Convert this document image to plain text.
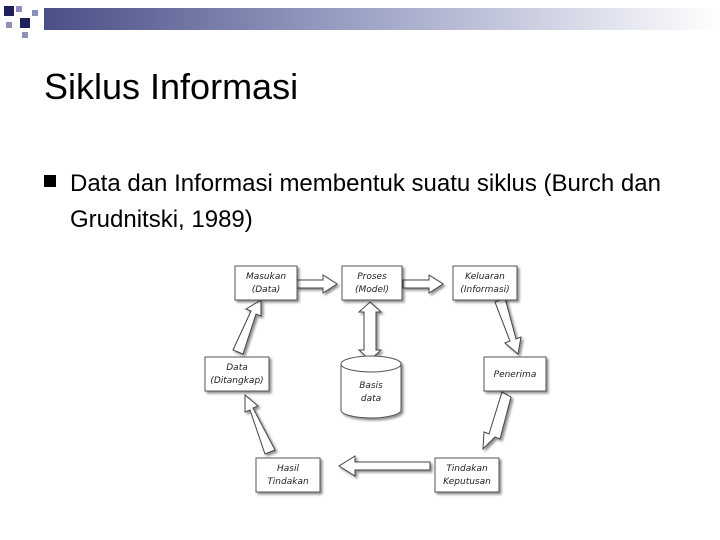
Siklus Informasi
Data dan Informasi membentuk suatu siklus (Burch dan Grudnitski, 1989)
Masukan
(Data)
Proses
(Model)
Keluaran
(Informasi)
Data
(Ditangkap)
Penerima
Basis
data
Hasil
Tindakan
Tindakan
Keputusan
